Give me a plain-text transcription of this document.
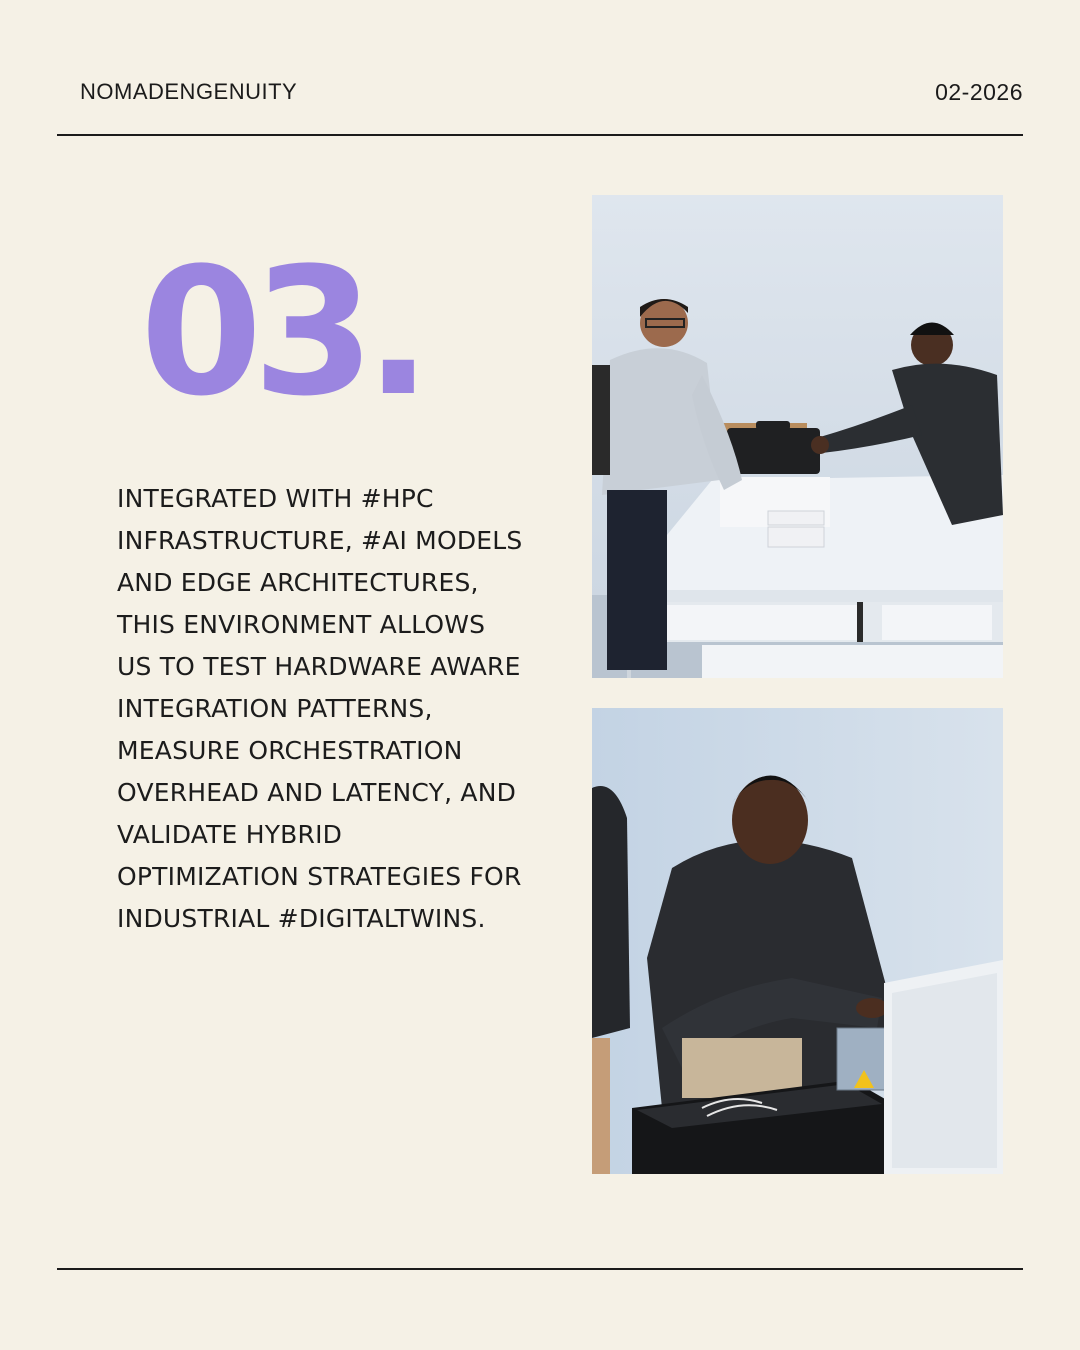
NOMADENGENUITY	02-2026
03.
INTEGRATED WITH #HPC
INFRASTRUCTURE, #AI MODELS
AND EDGE ARCHITECTURES,
THIS ENVIRONMENT ALLOWS
US TO TEST HARDWARE AWARE
INTEGRATION PATTERNS,
MEASURE ORCHESTRATION
OVERHEAD AND LATENCY, AND
VALIDATE HYBRID
OPTIMIZATION STRATEGIES FOR
INDUSTRIAL #DIGITALTWINS.
